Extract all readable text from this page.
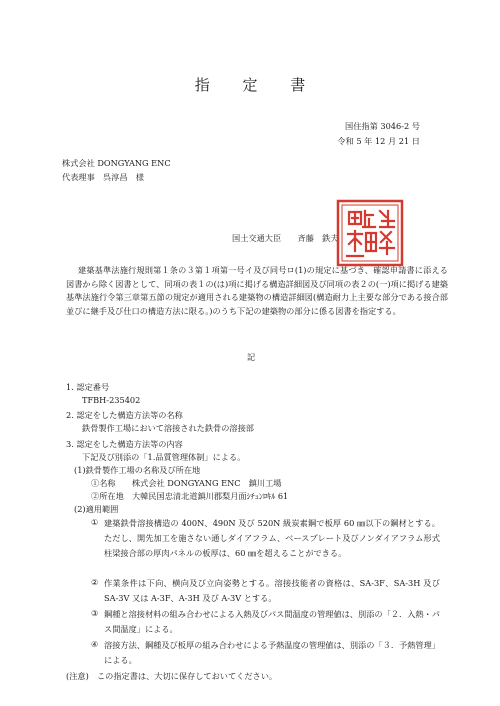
指 定 書
国住指第 3046-2 号
令和 5 年 12 月 21 日
株式会社 DONGYANG ENC
代表理事　呉淳昌　様
国土交通大臣　　斉藤　鉄夫
建築基準法施行規則第１条の３第１項第一号イ及び同号ロ(1)の規定に基づき、確認申請書に添える図書から除く図書として、同項の表１の(は)項に掲げる構造詳細図及び同項の表２の(一)項に掲げる建築基準法施行令第三章第五節の規定が適用される建築物の構造詳細図(構造耐力上主要な部分である接合部並びに継手及び仕口の構造方法に限る。)のうち下記の建築物の部分に係る図書を指定する。
記
1. 認定番号
TFBH-235402
2. 認定をした構造方法等の名称
鉄骨製作工場において溶接された鉄骨の溶接部
3. 認定をした構造方法等の内容
下記及び別添の「1.品質管理体制」による。
(1)鉄骨製作工場の名称及び所在地
①名称　　株式会社 DONGYANG ENC　鎮川工場
②所在地　大韓民国忠清北道鎮川郡梨月面ｼﾁｭﾝﾛｷﾙ 61
(2)適用範囲
① 建築鉄骨溶接構造の 400N、490N 及び 520N 級炭素鋼で板厚 60 ㎜以下の鋼材とする。ただし、開先加工を施さない通しダイアフラム、ベースプレート及びノンダイアフラム形式柱梁接合部の厚肉パネルの板厚は、60 ㎜を超えることができる。
② 作業条件は下向、横向及び立向姿勢とする。溶接技能者の資格は、SA-3F、SA-3H 及び SA-3V 又は A-3F、A-3H 及び A-3V とする。
③ 鋼種と溶接材料の組み合わせによる入熱及びパス間温度の管理値は、別添の「２．入熱・パス間温度」による。
④ 溶接方法、鋼種及び板厚の組み合わせによる予熱温度の管理値は、別添の「３．予熱管理」による。
(注意)　この指定書は、大切に保存しておいてください。
